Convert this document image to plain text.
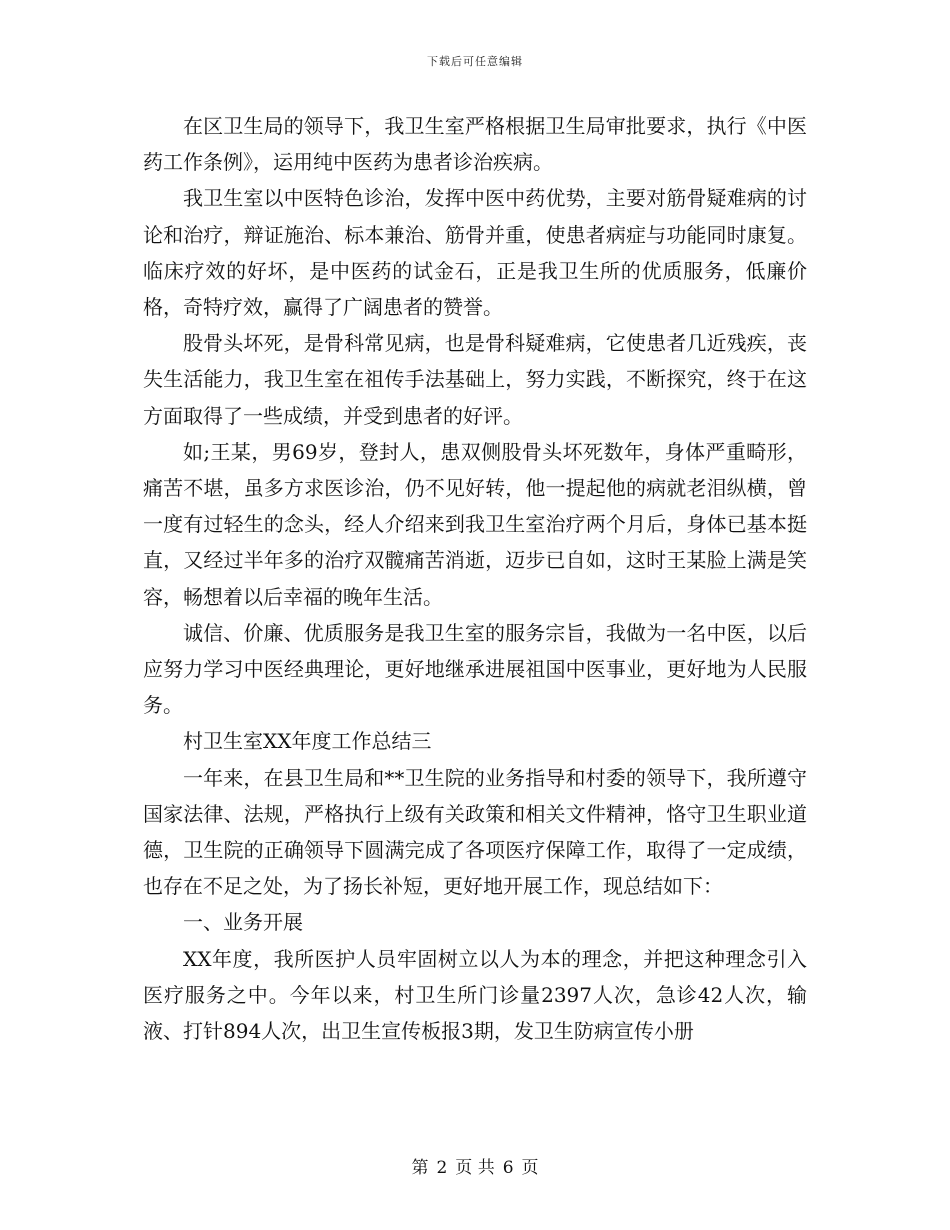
下载后可任意编辑

在区卫生局的领导下，我卫生室严格根据卫生局审批要求，执行《中医药工作条例》，运用纯中医药为患者诊治疾病。

我卫生室以中医特色诊治，发挥中医中药优势，主要对筋骨疑难病的讨论和治疗，辩证施治、标本兼治、筋骨并重，使患者病症与功能同时康复。临床疗效的好坏，是中医药的试金石，正是我卫生所的优质服务，低廉价格，奇特疗效，赢得了广阔患者的赞誉。

股骨头坏死，是骨科常见病，也是骨科疑难病，它使患者几近残疾，丧失生活能力，我卫生室在祖传手法基础上，努力实践，不断探究，终于在这方面取得了一些成绩，并受到患者的好评。

如;王某，男69岁，登封人，患双侧股骨头坏死数年，身体严重畸形，痛苦不堪，虽多方求医诊治，仍不见好转，他一提起他的病就老泪纵横，曾一度有过轻生的念头，经人介绍来到我卫生室治疗两个月后，身体已基本挺直，又经过半年多的治疗双髋痛苦消逝，迈步已自如，这时王某脸上满是笑容，畅想着以后幸福的晚年生活。

诚信、价廉、优质服务是我卫生室的服务宗旨，我做为一名中医，以后应努力学习中医经典理论，更好地继承进展祖国中医事业，更好地为人民服务。

村卫生室XX年度工作总结三

一年来，在县卫生局和**卫生院的业务指导和村委的领导下，我所遵守国家法律、法规，严格执行上级有关政策和相关文件精神，恪守卫生职业道德，卫生院的正确领导下圆满完成了各项医疗保障工作，取得了一定成绩，也存在不足之处，为了扬长补短，更好地开展工作，现总结如下：

一、业务开展

XX年度，我所医护人员牢固树立以人为本的理念，并把这种理念引入医疗服务之中。今年以来，村卫生所门诊量2397人次，急诊42人次，输液、打针894人次，出卫生宣传板报3期，发卫生防病宣传小册

第 2 页 共 6 页
